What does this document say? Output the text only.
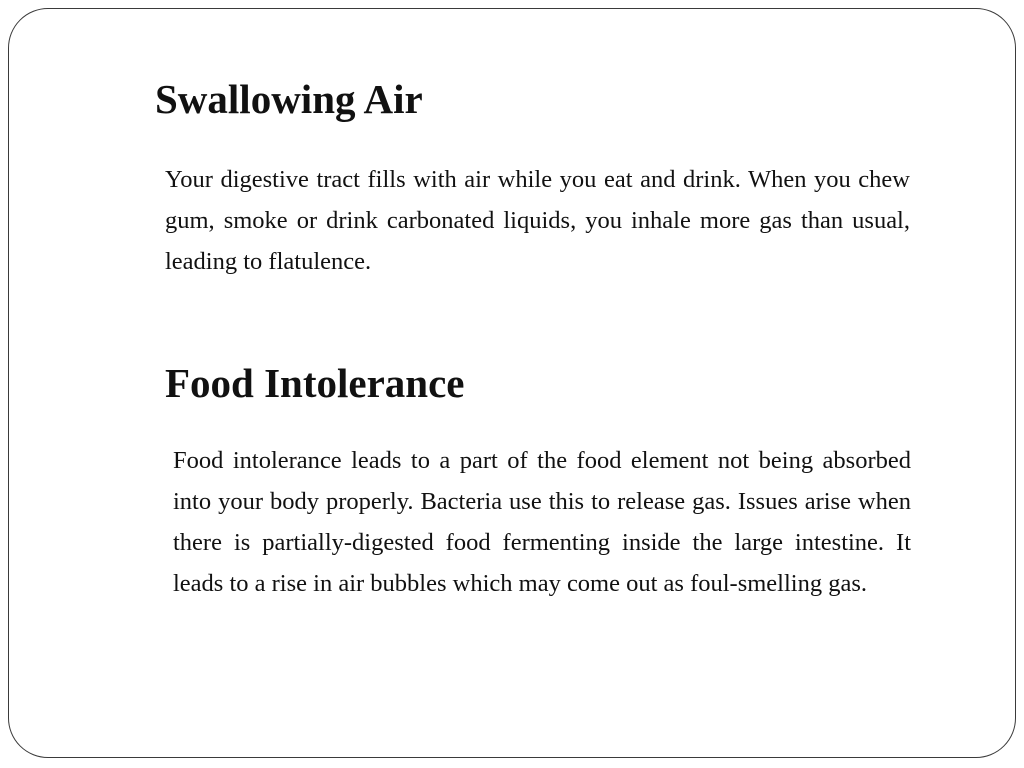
Swallowing Air

Your digestive tract fills with air while you eat and drink. When you chew gum, smoke or drink carbonated liquids, you inhale more gas than usual, leading to flatulence.

Food Intolerance

Food intolerance leads to a part of the food element not being absorbed into your body properly. Bacteria use this to release gas. Issues arise when there is partially-digested food fermenting inside the large intestine. It leads to a rise in air bubbles which may come out as foul-smelling gas.
